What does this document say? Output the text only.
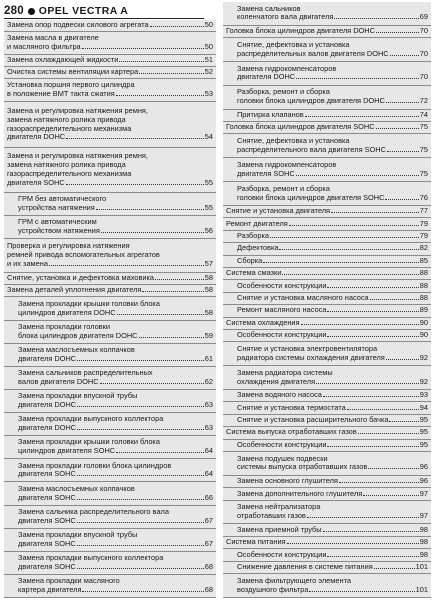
280 OPEL VECTRA A
Замена опор подвески силового агрегата	50
Замена масла в двигателе
и масляного фильтра	50
Замена охлаждающей жидкости	51
Очистка системы вентиляции картера	52
Установка поршня первого цилиндра
в положение ВМТ такта сжатия	53
Замена и регулировка натяжения ремня,
замена натяжного ролика привода
газораспределительного механизма
двигателя DOHC	54
Замена и регулировка натяжения ремня,
замена натяжного ролика привода
газораспределительного механизма
двигателя SOHC	55
ГРМ без автоматического
устройства натяжения	55
ГРМ с автоматическим
устройством натяжения	56
Проверка и регулировка натяжения
ремней привода вспомогательных агрегатов
и их замена	57
Снятие, установка и дефектовка маховика	58
Замена деталей уплотнения двигателя	58
Замена прокладки крышки головки блока
цилиндров двигателя DOHC	58
Замена прокладки головки
блока цилиндров двигателя DOHC	59
Замена маслосъемных колпачков
двигателя DOHC	61
Замена сальников распределительных
валов двигателя DOHC	62
Замена прокладки впускной трубы
двигателя DOHC	63
Замена прокладки выпускного коллектора
двигателя DOHC	63
Замена прокладки крышки головки блока
цилиндров двигателя SOHC	64
Замена прокладки головки блока цилиндров
двигателя SOHC	64
Замена маслосъемных колпачков
двигателя SOHC	66
Замена сальника распределительного вала
двигателя SOHC	67
Замена прокладки впускной трубы
двигателя SOHC	67
Замена прокладки выпускного коллектора
двигателя SOHC	68
Замена прокладки масляного
картера двигателя	68
Замена сальников
коленчатого вала двигателя	69
Головка блока цилиндров двигателя DOHC	70
Снятие, дефектовка и установка
распределительных валов двигателя DOHC	70
Замена гидрокомпенсаторов
двигателя DOHC	70
Разборка, ремонт и сборка
головки блока цилиндров двигателя DOHC	72
Притирка клапанов	74
Головка блока цилиндров двигателя SOHC	75
Снятие, дефектовка и установка
распределительного вала двигателя SOHC	75
Замена гидрокомпенсаторов
двигателя SOHC	75
Разборка, ремонт и сборка
головки блока цилиндров двигателя SOHC	76
Снятие и установка двигателя	77
Ремонт двигателя	79
Разборка	79
Дефектовка	82
Сборка	85
Система смазки	88
Особенности конструкции	88
Снятие и установка масляного насоса	88
Ремонт масляного насоса	89
Система охлаждения	90
Особенности конструкции	90
Снятие и установка электровентилятора
радиатора системы охлаждения двигателя	92
Замена радиатора системы
охлаждения двигателя	92
Замена водяного насоса	93
Снятие и установка термостата	94
Снятие и установка расширительного бачка	95
Система выпуска отработавших газов	95
Особенности конструкции	95
Замена подушек подвески
системы выпуска отработавших газов	96
Замена основного глушителя	96
Замена дополнительного глушителя	97
Замена нейтрализатора
отработавших газов	97
Замена приемной трубы	98
Система питания	98
Особенности конструкции	98
Снижение давления в системе питания	101
Замена фильтрующего элемента
воздушного фильтра	101
